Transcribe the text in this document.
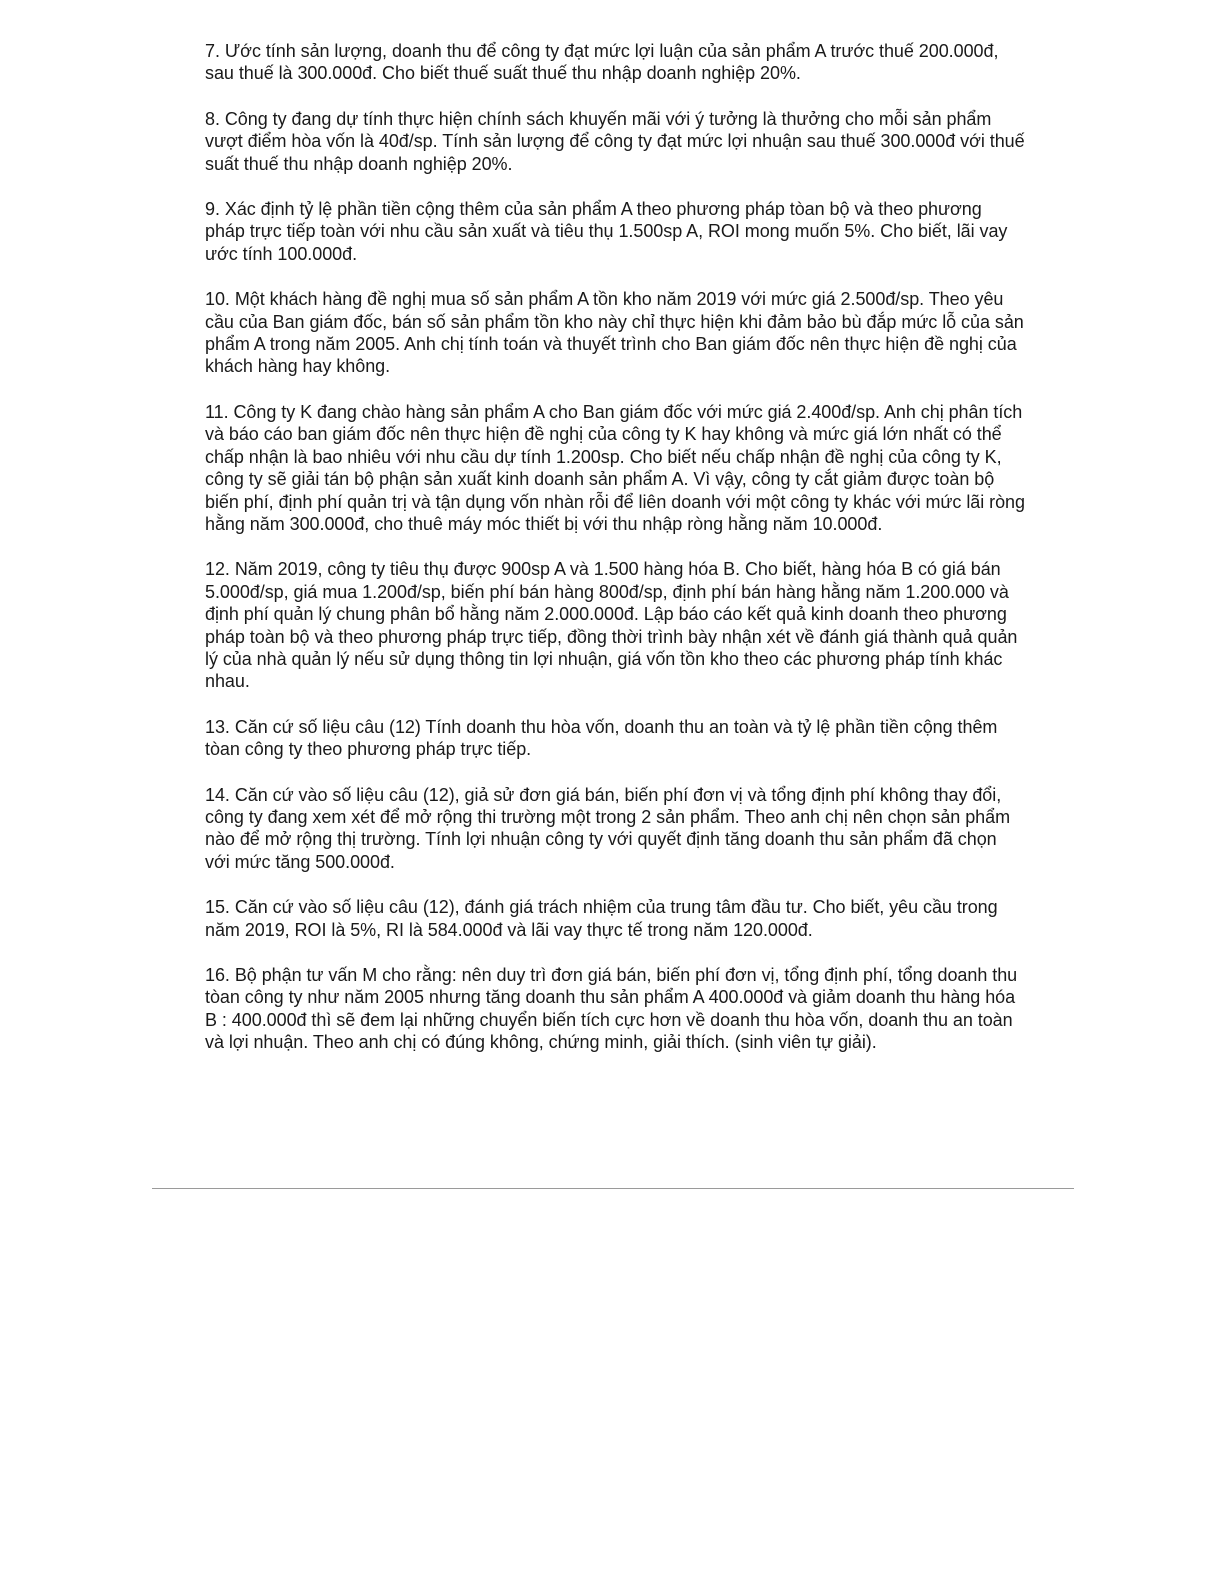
7. Ước tính sản lượng, doanh thu để công ty đạt mức lợi luận của sản phẩm A trước thuế 200.000đ, sau thuế là 300.000đ. Cho biết thuế suất thuế thu nhập doanh nghiệp 20%.

8. Công ty đang dự tính thực hiện chính sách khuyến mãi với ý tưởng là thưởng cho mỗi sản phẩm vượt điểm hòa vốn là 40đ/sp. Tính sản lượng để công ty đạt mức lợi nhuận sau thuế 300.000đ với thuế suất thuế thu nhập doanh nghiệp 20%.

9. Xác định tỷ lệ phần tiền cộng thêm của sản phẩm A theo phương pháp tòan bộ và theo phương pháp trực tiếp toàn với nhu cầu sản xuất và tiêu thụ 1.500sp A, ROI mong muốn 5%. Cho biết, lãi vay ước tính 100.000đ.

10. Một khách hàng đề nghị mua số sản phẩm A tồn kho năm 2019 với mức giá 2.500đ/sp. Theo yêu cầu của Ban giám đốc, bán số sản phẩm tồn kho này chỉ thực hiện khi đảm bảo bù đắp mức lỗ của sản phẩm A trong năm 2005. Anh chị tính toán và thuyết trình cho Ban giám đốc nên thực hiện đề nghị của khách hàng hay không.

11. Công ty K đang chào hàng sản phẩm A cho Ban giám đốc với mức giá 2.400đ/sp. Anh chị phân tích và báo cáo ban giám đốc nên thực hiện đề nghị của công ty K hay không và mức giá lớn nhất có thể chấp nhận là bao nhiêu với nhu cầu dự tính 1.200sp. Cho biết nếu chấp nhận đề nghị của công ty K, công ty sẽ giải tán bộ phận sản xuất kinh doanh sản phẩm A. Vì vậy, công ty cắt giảm được toàn bộ biến phí, định phí quản trị và tận dụng vốn nhàn rỗi để liên doanh với một công ty khác với mức lãi ròng hằng năm 300.000đ, cho thuê máy móc thiết bị với thu nhập ròng hằng năm 10.000đ.

12. Năm 2019, công ty tiêu thụ được 900sp A và 1.500 hàng hóa B. Cho biết, hàng hóa B có giá bán 5.000đ/sp, giá mua 1.200đ/sp, biến phí bán hàng 800đ/sp, định phí bán hàng hằng năm 1.200.000 và định phí quản lý chung phân bổ hằng năm 2.000.000đ. Lập báo cáo kết quả kinh doanh theo phương pháp toàn bộ và theo phương pháp trực tiếp, đồng thời trình bày nhận xét về đánh giá thành quả quản lý của nhà quản lý nếu sử dụng thông tin lợi nhuận, giá vốn tồn kho theo các phương pháp tính khác nhau.

13. Căn cứ số liệu câu (12) Tính doanh thu hòa vốn, doanh thu an toàn và tỷ lệ phần tiền cộng thêm tòan công ty theo phương pháp trực tiếp.

14. Căn cứ vào số liệu câu (12), giả sử đơn giá bán, biến phí đơn vị và tổng định phí không thay đổi, công ty đang xem xét để mở rộng thi trường một trong 2 sản phẩm. Theo anh chị nên chọn sản phẩm nào để mở rộng thị trường. Tính lợi nhuận công ty với quyết định tăng doanh thu sản phẩm đã chọn với mức tăng 500.000đ.

15. Căn cứ vào số liệu câu (12), đánh giá trách nhiệm của trung tâm đầu tư. Cho biết, yêu cầu trong năm 2019, ROI là 5%, RI là 584.000đ và lãi vay thực tế trong năm 120.000đ.

16. Bộ phận tư vấn M cho rằng: nên duy trì đơn giá bán, biến phí đơn vị, tổng định phí, tổng doanh thu tòan công ty như năm 2005 nhưng tăng doanh thu sản phẩm A 400.000đ và giảm doanh thu hàng hóa B : 400.000đ thì sẽ đem lại những chuyển biến tích cực hơn về doanh thu hòa vốn, doanh thu an toàn và lợi nhuận. Theo anh chị có đúng không, chứng minh, giải thích. (sinh viên tự giải).
